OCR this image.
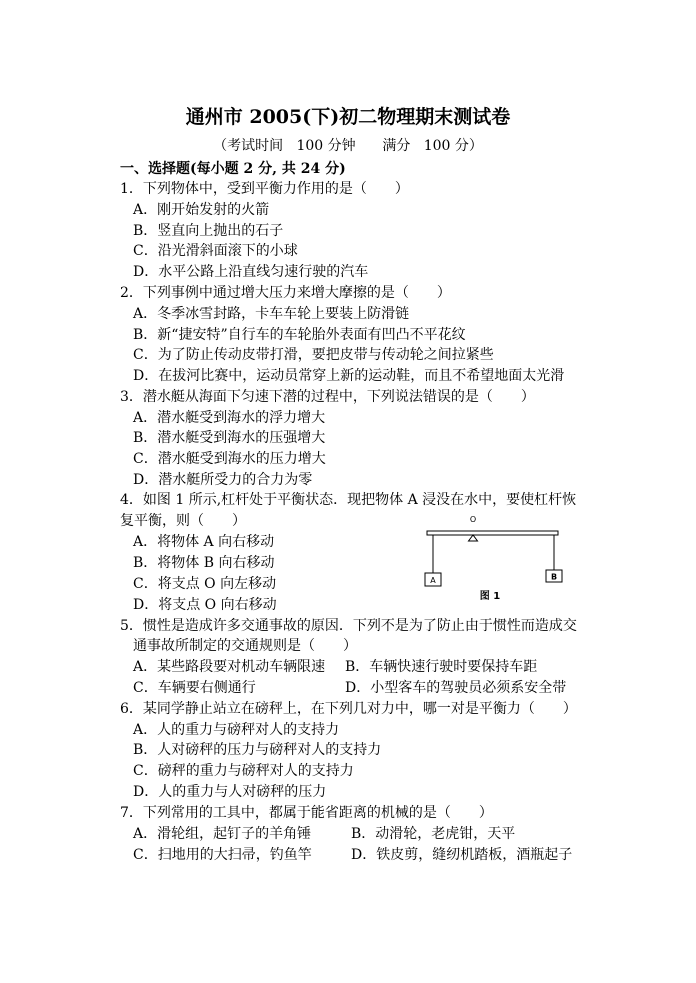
通州市 2005(下)初二物理期末测试卷
（考试时间   100 分钟      满分   100 分）
一、选择题(每小题 2 分, 共 24 分)
1．下列物体中，受到平衡力作用的是（　　）
A．刚开始发射的火箭
B．竖直向上抛出的石子
C．沿光滑斜面滚下的小球
D．水平公路上沿直线匀速行驶的汽车
2．下列事例中通过增大压力来增大摩擦的是（　　）
A．冬季冰雪封路，卡车车轮上要装上防滑链
B．新“捷安特”自行车的车轮胎外表面有凹凸不平花纹
C．为了防止传动皮带打滑，要把皮带与传动轮之间拉紧些
D．在拔河比赛中，运动员常穿上新的运动鞋，而且不希望地面太光滑
3．潜水艇从海面下匀速下潜的过程中，下列说法错误的是（　　）
A．潜水艇受到海水的浮力增大
B．潜水艇受到海水的压强增大
C．潜水艇受到海水的压力增大
D．潜水艇所受力的合力为零
4．如图 1 所示,杠杆处于平衡状态．现把物体 A 浸没在水中，要使杠杆恢
复平衡，则（　　）
A．将物体 A 向右移动
B．将物体 B 向右移动
C．将支点 O 向左移动
D．将支点 O 向右移动
O
A	B
图 1
5．惯性是造成许多交通事故的原因．下列不是为了防止由于惯性而造成交
通事故所制定的交通规则是（　　）
A．某些路段要对机动车辆限速 B．车辆快速行驶时要保持车距
C．车辆要右侧通行	D．小型客车的驾驶员必须系安全带
6．某同学静止站立在磅秤上，在下列几对力中，哪一对是平衡力（　　）
A．人的重力与磅秤对人的支持力
B．人对磅秤的压力与磅秤对人的支持力
C．磅秤的重力与磅秤对人的支持力
D．人的重力与人对磅秤的压力
7．下列常用的工具中，都属于能省距离的机械的是（　　）
A．滑轮组，起钉子的羊角锤	B．动滑轮，老虎钳，天平
C．扫地用的大扫帚，钓鱼竿	D．铁皮剪，缝纫机踏板，酒瓶起子
